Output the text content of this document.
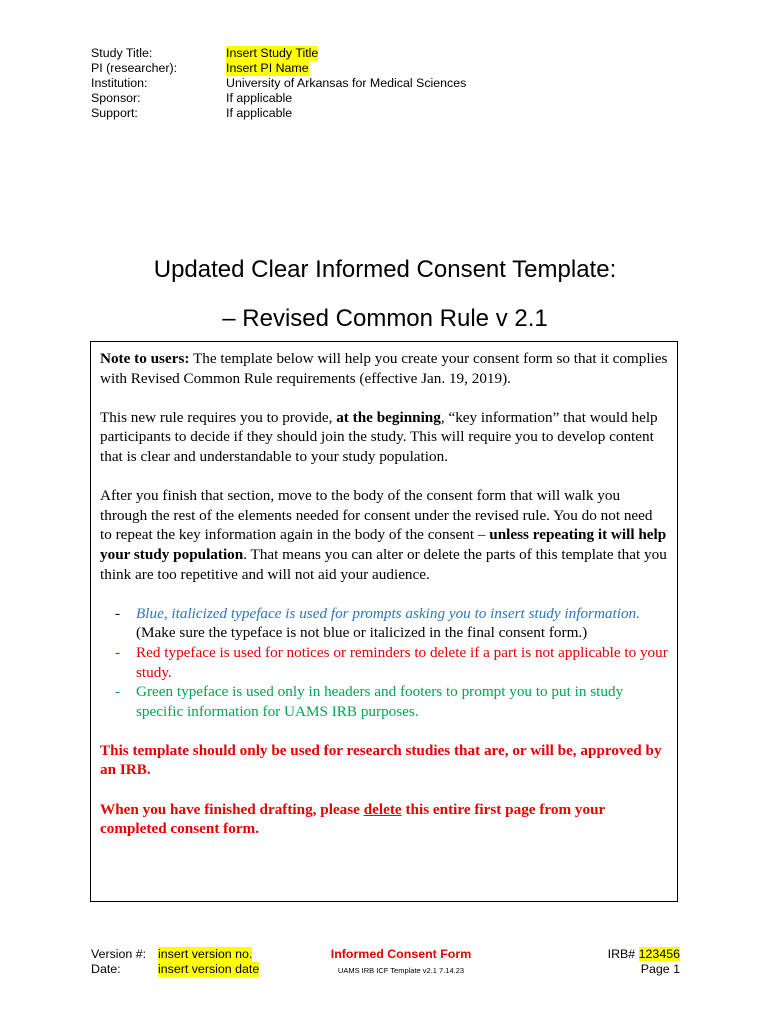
Study Title:	Insert Study Title
PI (researcher):	Insert PI Name
Institution:	University of Arkansas for Medical Sciences
Sponsor:	If applicable
Support:	If applicable
Updated Clear Informed Consent Template:
– Revised Common Rule v 2.1

Note to users: The template below will help you create your consent form so that it complies with Revised Common Rule requirements (effective Jan. 19, 2019).

This new rule requires you to provide, at the beginning, “key information” that would help participants to decide if they should join the study. This will require you to develop content that is clear and understandable to your study population.

After you finish that section, move to the body of the consent form that will walk you through the rest of the elements needed for consent under the revised rule. You do not need to repeat the key information again in the body of the consent – unless repeating it will help your study population. That means you can alter or delete the parts of this template that you think are too repetitive and will not aid your audience.

- Blue, italicized typeface is used for prompts asking you to insert study information. (Make sure the typeface is not blue or italicized in the final consent form.)
- Red typeface is used for notices or reminders to delete if a part is not applicable to your study.
- Green typeface is used only in headers and footers to prompt you to put in study specific information for UAMS IRB purposes.

This template should only be used for research studies that are, or will be, approved by an IRB.

When you have finished drafting, please delete this entire first page from your completed consent form.

Version #: insert version no.
Date:	insert version date
Informed Consent Form
UAMS IRB ICF Template v2.1 7.14.23
IRB# 123456
Page 1
